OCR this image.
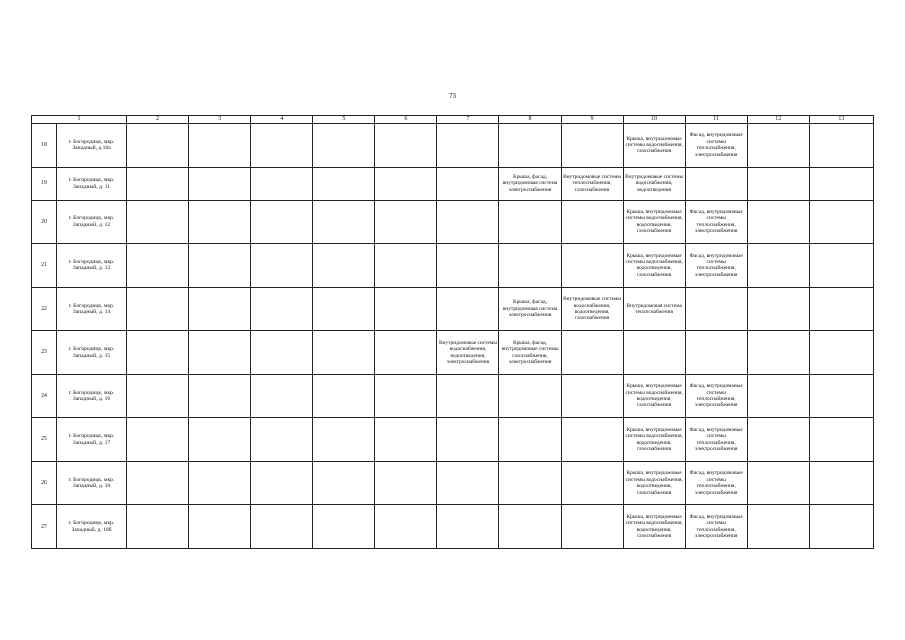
73
1		2	3	4	5	6	7	8	9	10	11	12	13

18	г. Богородицк, мкр. Западный, д.10а									Крыша, внутридомовые системы водоснабжения, газоснабжения	Фасад, внутридомовые системы теплоснабжения, электроснабжения		

19	г. Богородицк, мкр. Западный, д. 11							Крыша, фасад, внутридомовая система электроснабжения	Внутридомовые системы теплоснабжения, газоснабжения	Внутридомовые системы водоснабжения, водоотведения			

20	г. Богородицк, мкр. Западный, д. 12									Крыша, внутридомовые системы водоснабжения, водоотведения, газоснабжения	Фасад, внутридомовые системы теплоснабжения, электроснабжения		

21	г. Богородицк, мкр. Западный, д. 13									Крыша, внутридомовые системы водоснабжения, водоотведения, газоснабжения	Фасад, внутридомовые системы теплоснабжения, электроснабжения		

22	г. Богородицк, мкр. Западный, д. 14							Крыша, фасад, внутридомовая система электроснабжения	Внутридомовые системы водоснабжения, водоотведения, газоснабжения	Внутридомовая система теплоснабжения			

23	г. Богородицк, мкр. Западный, д. 15						Внутридомовые системы водоснабжения, водоотведения, электроснабжения	Крыша, фасад, внутридомовые системы газоснабжения, электроснабжения					

24	г. Богородицк, мкр. Западный, д. 16									Крыша, внутридомовые системы водоснабжения, водоотведения, газоснабжения	Фасад, внутридомовые системы теплоснабжения, электроснабжения		

25	г. Богородицк, мкр. Западный, д. 17									Крыша, внутридомовые системы водоснабжения, водоотведения, газоснабжения	Фасад, внутридомовые системы теплоснабжения, электроснабжения		

26	г. Богородицк, мкр. Западный, д. 18									Крыша, внутридомовые системы водоснабжения, водоотведения, газоснабжения	Фасад, внутридомовые системы теплоснабжения, электроснабжения		

27	г. Богородицк, мкр. Западный, д. 18б									Крыша, внутридомовые системы водоснабжения, водоотведения, газоснабжения	Фасад, внутридомовые системы теплоснабжения, электроснабжения		
